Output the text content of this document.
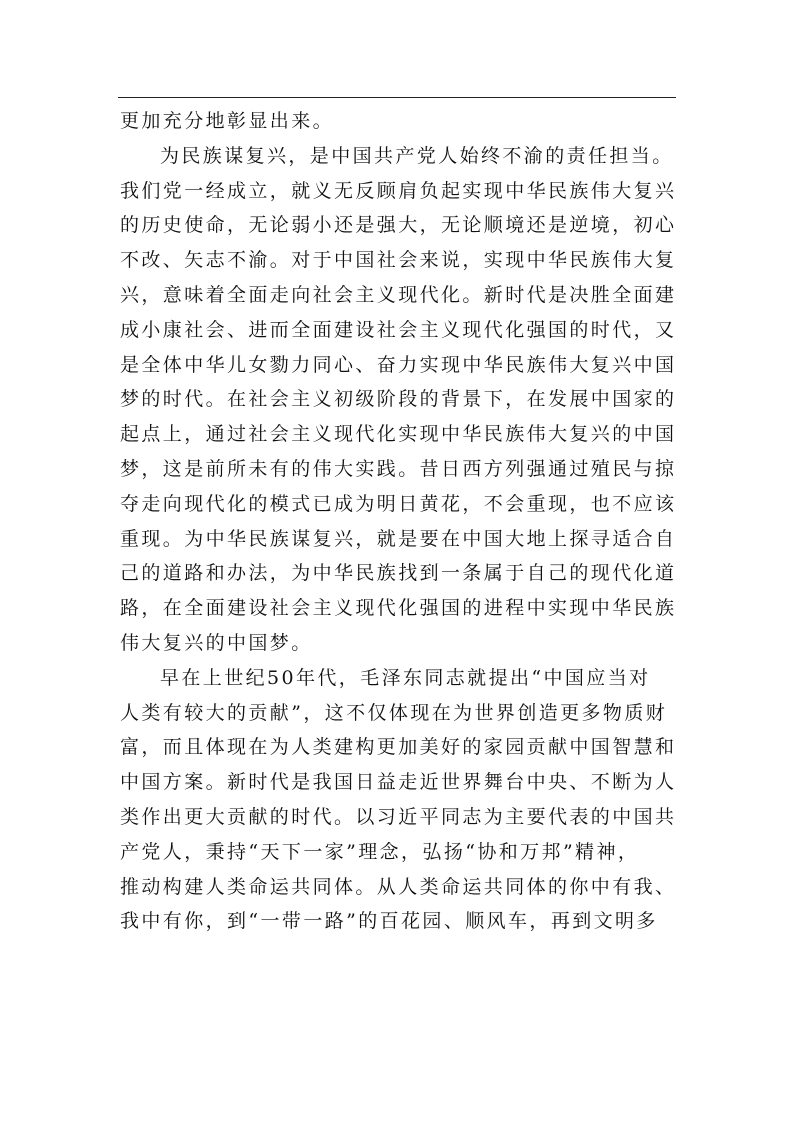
更加充分地彰显出来。
为民族谋复兴，是中国共产党人始终不渝的责任担当。
我们党一经成立，就义无反顾肩负起实现中华民族伟大复兴
的历史使命，无论弱小还是强大，无论顺境还是逆境，初心
不改、矢志不渝。对于中国社会来说，实现中华民族伟大复
兴，意味着全面走向社会主义现代化。新时代是决胜全面建
成小康社会、进而全面建设社会主义现代化强国的时代，又
是全体中华儿女勠力同心、奋力实现中华民族伟大复兴中国
梦的时代。在社会主义初级阶段的背景下，在发展中国家的
起点上，通过社会主义现代化实现中华民族伟大复兴的中国
梦，这是前所未有的伟大实践。昔日西方列强通过殖民与掠
夺走向现代化的模式已成为明日黄花，不会重现，也不应该
重现。为中华民族谋复兴，就是要在中国大地上探寻适合自
己的道路和办法，为中华民族找到一条属于自己的现代化道
路，在全面建设社会主义现代化强国的进程中实现中华民族
伟大复兴的中国梦。
早在上世纪50年代，毛泽东同志就提出“中国应当对
人类有较大的贡献”，这不仅体现在为世界创造更多物质财
富，而且体现在为人类建构更加美好的家园贡献中国智慧和
中国方案。新时代是我国日益走近世界舞台中央、不断为人
类作出更大贡献的时代。以习近平同志为主要代表的中国共
产党人，秉持“天下一家”理念，弘扬“协和万邦”精神，
推动构建人类命运共同体。从人类命运共同体的你中有我、
我中有你，到“一带一路”的百花园、顺风车，再到文明多
